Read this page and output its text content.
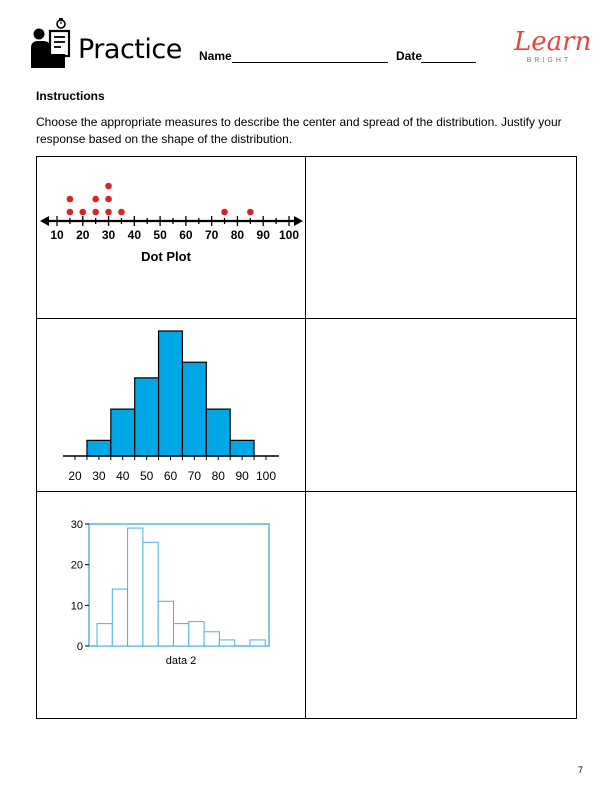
Practice Name	Date	Learn
BRIGHT
Instructions
Choose the appropriate measures to describe the center and spread of the distribution. Justify your response based on the shape of the distribution.
10 20 30 40 50 60 70 80 90 100
Dot Plot
20 30 40 50 60 70 80 90 100
0
10
20
30
data 2
7
